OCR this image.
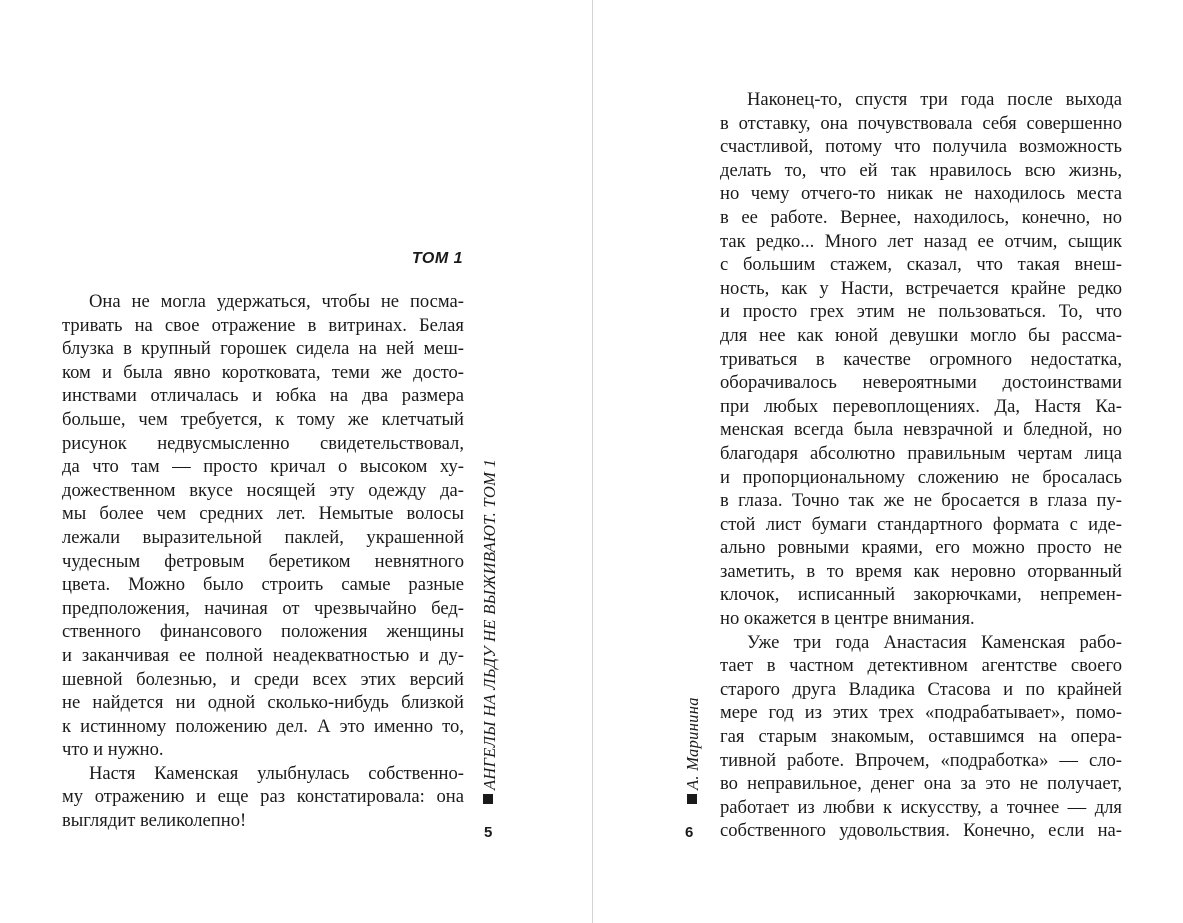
ТОМ 1
Она не могла удержаться, чтобы не посма-
тривать на свое отражение в витринах. Белая
блузка в крупный горошек сидела на ней меш-
ком и была явно коротковата, теми же досто-
инствами отличалась и юбка на два размера
больше, чем требуется, к тому же клетчатый
рисунок недвусмысленно свидетельствовал,
да что там — просто кричал о высоком ху-
дожественном вкусе носящей эту одежду да-
мы более чем средних лет. Немытые волосы
лежали выразительной паклей, украшенной
чудесным фетровым беретиком невнятного
цвета. Можно было строить самые разные
предположения, начиная от чрезвычайно бед-
ственного финансового положения женщины
и заканчивая ее полной неадекватностью и ду-
шевной болезнью, и среди всех этих версий
не найдется ни одной сколько-нибудь близкой
к истинному положению дел. А это именно то,
что и нужно.
Настя Каменская улыбнулась собственно-
му отражению и еще раз констатировала: она
выглядит великолепно!
АНГЕЛЫ НА ЛЬДУ НЕ ВЫЖИВАЮТ. ТОМ 1
5
Наконец-то, спустя три года после выхода
в отставку, она почувствовала себя совершенно
счастливой, потому что получила возможность
делать то, что ей так нравилось всю жизнь,
но чему отчего-то никак не находилось места
в ее работе. Вернее, находилось, конечно, но
так редко... Много лет назад ее отчим, сыщик
с большим стажем, сказал, что такая внеш-
ность, как у Насти, встречается крайне редко
и просто грех этим не пользоваться. То, что
для нее как юной девушки могло бы рассма-
триваться в качестве огромного недостатка,
оборачивалось невероятными достоинствами
при любых перевоплощениях. Да, Настя Ка-
менская всегда была невзрачной и бледной, но
благодаря абсолютно правильным чертам лица
и пропорциональному сложению не бросалась
в глаза. Точно так же не бросается в глаза пу-
стой лист бумаги стандартного формата с иде-
ально ровными краями, его можно просто не
заметить, в то время как неровно оторванный
клочок, исписанный закорючками, непремен-
но окажется в центре внимания.
Уже три года Анастасия Каменская рабо-
тает в частном детективном агентстве своего
старого друга Владика Стасова и по крайней
мере год из этих трех «подрабатывает», помо-
гая старым знакомым, оставшимся на опера-
тивной работе. Впрочем, «подработка» — сло-
во неправильное, денег она за это не получает,
работает из любви к искусству, а точнее — для
собственного удовольствия. Конечно, если на-
А. Маринина
6
